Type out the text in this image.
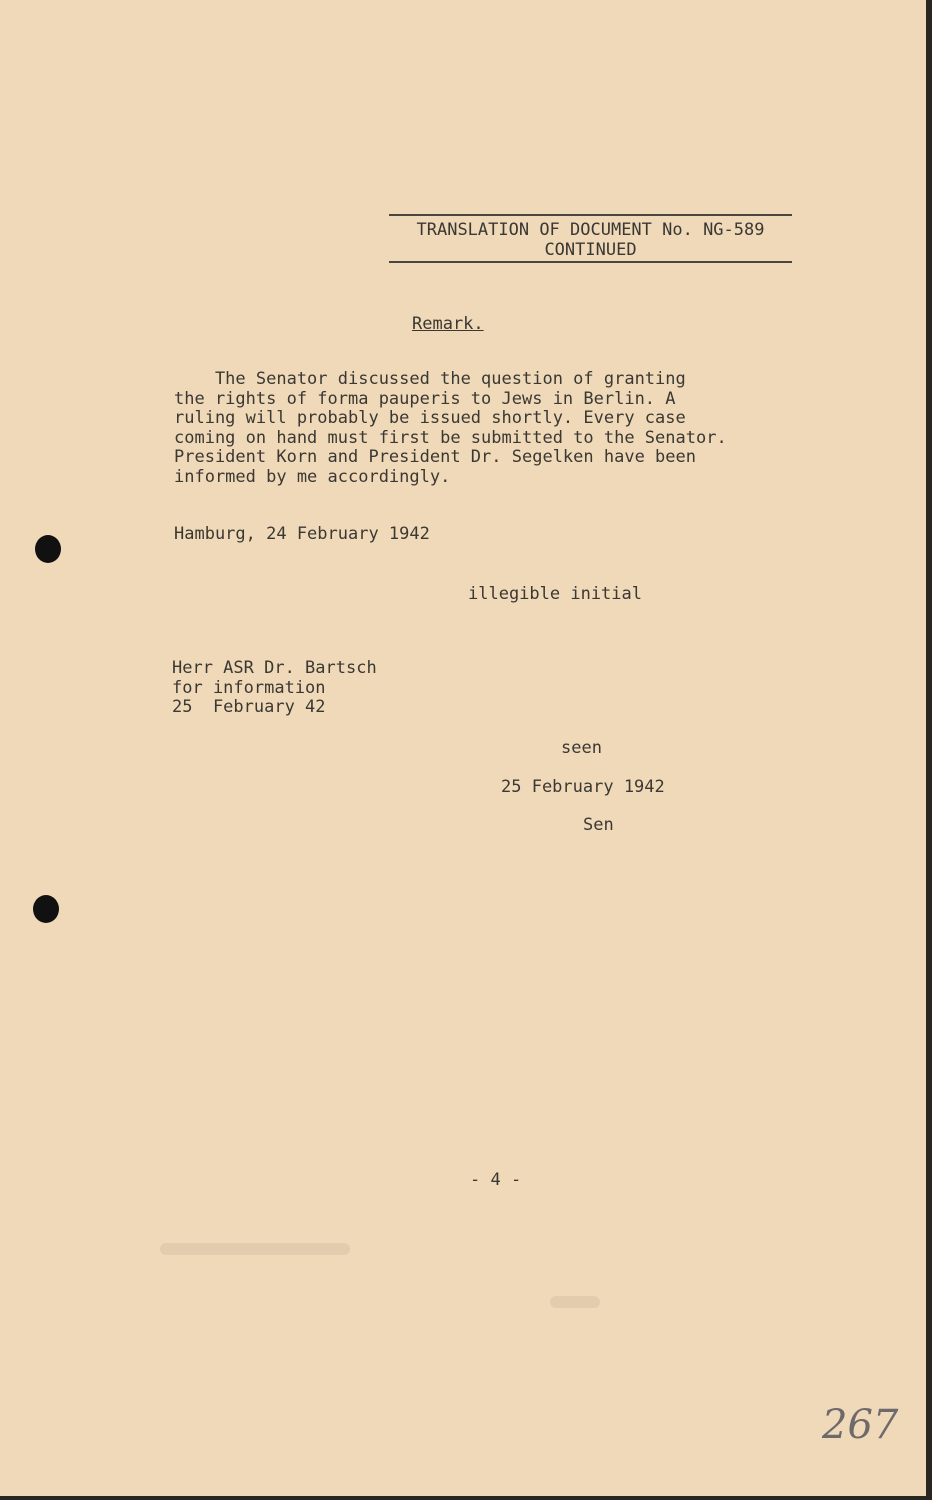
TRANSLATION OF DOCUMENT No. NG-589
CONTINUED
Remark.
The Senator discussed the question of granting
the rights of forma pauperis to Jews in Berlin. A
ruling will probably be issued shortly. Every case
coming on hand must first be submitted to the Senator.
President Korn and President Dr. Segelken have been
informed by me accordingly.
Hamburg, 24 February 1942
illegible initial
Herr ASR Dr. Bartsch
for information
25  February 42
seen
25 February 1942
Sen
- 4 -
267
